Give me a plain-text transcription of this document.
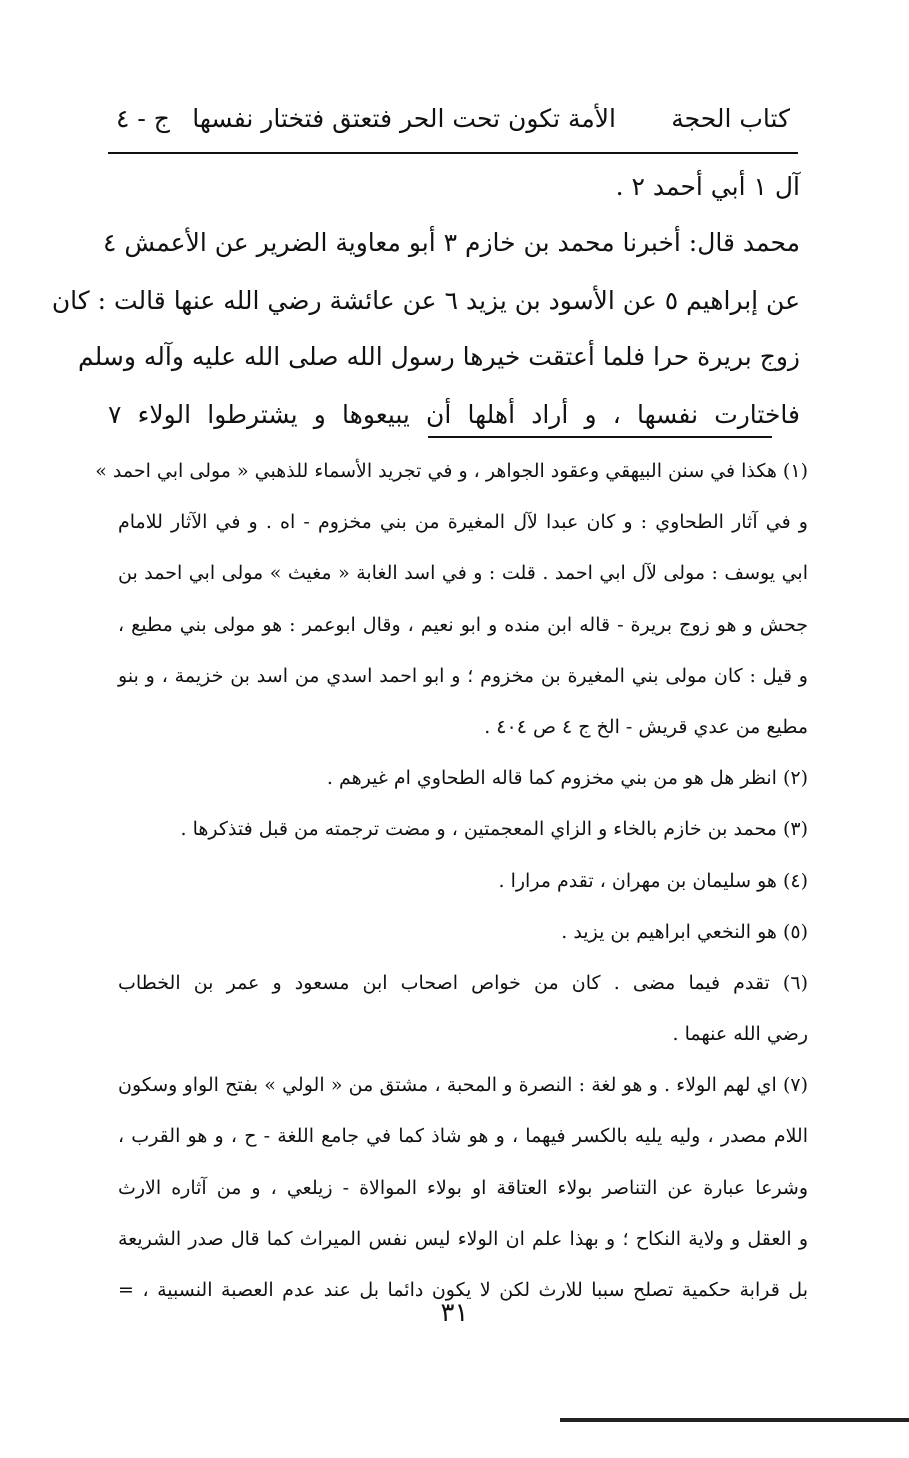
كتاب الحجة
الأمة تكون تحت الحر فتعتق فتختار نفسها
ج - ٤
آل ١ أبي أحمد ٢ .
محمد قال: أخبرنا محمد بن خازم ٣ أبو معاوية الضرير عن الأعمش ٤
عن إبراهيم ٥ عن الأسود بن يزيد ٦ عن عائشة رضي الله عنها قالت : كان
زوج بريرة حرا فلما أعتقت خيرها رسول الله صلى الله عليه وآله وسلم
فاختارت نفسها ، و أراد أهلها أن يبيعوها و يشترطوا الولاء ٧
(١) هكذا في سنن البيهقي وعقود الجواهر ، و في تجريد الأسماء للذهبي « مولى ابي احمد »
و في آثار الطحاوي : و كان عبدا لآل المغيرة من بني مخزوم - اه . و في الآثار للامام
ابي يوسف : مولى لآل ابي احمد . قلت : و في اسد الغابة « مغيث » مولى ابي احمد بن
جحش و هو زوج بريرة - قاله ابن منده و ابو نعيم ، وقال ابوعمر : هو مولى بني مطيع ،
و قيل : كان مولى بني المغيرة بن مخزوم ؛ و ابو احمد اسدي من اسد بن خزيمة ، و بنو
مطيع من عدي قريش - الخ ج ٤ ص ٤٠٤ .
(٢) انظر هل هو من بني مخزوم كما قاله الطحاوي ام غيرهم .
(٣) محمد بن خازم بالخاء و الزاي المعجمتين ، و مضت ترجمته من قبل فتذكرها .
(٤) هو سليمان بن مهران ، تقدم مرارا .
(٥) هو النخعي ابراهيم بن يزيد .
(٦) تقدم فيما مضى . كان من خواص اصحاب ابن مسعود و عمر بن الخطاب
رضي الله عنهما .
(٧) اي لهم الولاء . و هو لغة : النصرة و المحبة ، مشتق من « الولي » بفتح الواو وسكون
اللام مصدر ، وليه يليه بالكسر فيهما ، و هو شاذ كما في جامع اللغة - ح ، و هو القرب ،
وشرعا عبارة عن التناصر بولاء العتاقة او بولاء الموالاة - زيلعي ، و من آثاره الارث
و العقل و ولاية النكاح ؛ و بهذا علم ان الولاء ليس نفس الميراث كما قال صدر الشريعة
بل قرابة حكمية تصلح سببا للارث لكن لا يكون دائما بل عند عدم العصبة النسبية ، =
٣١
